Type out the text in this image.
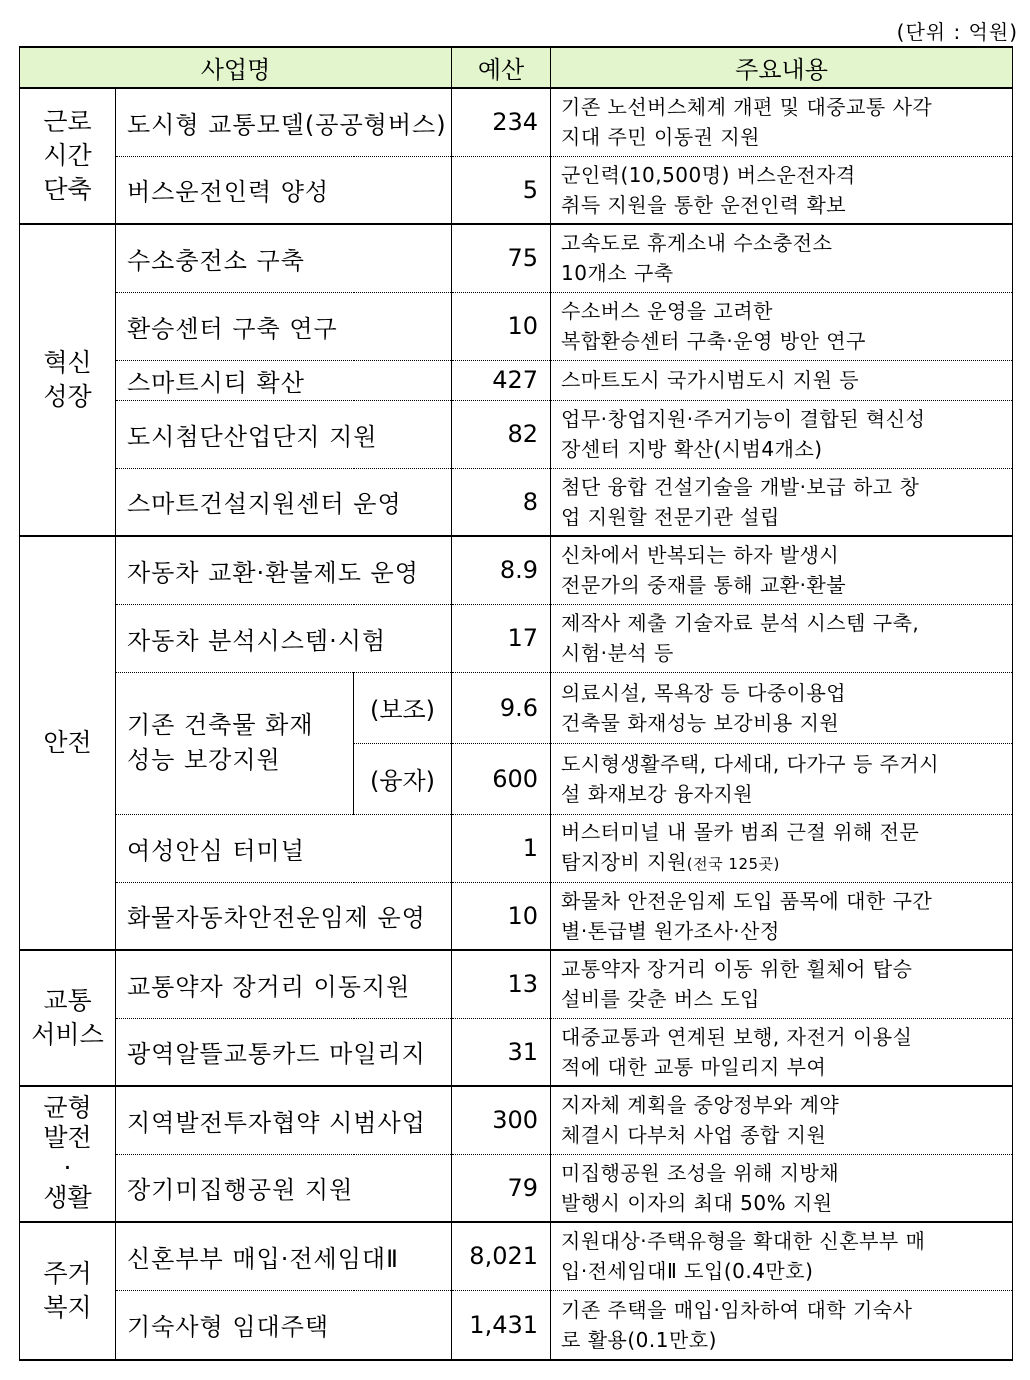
(단위 : 억원)
사업명			예산	주요내용
근로
시간
단축	도시형 교통모델(공공형버스)		234	기존 노선버스체계 개편 및 대중교통 사각
지대 주민 이동권 지원

	버스운전인력 양성		5	군인력(10,500명) 버스운전자격
취득 지원을 통한 운전인력 확보

혁신
성장	수소충전소 구축		75	고속도로 휴게소내 수소충전소
10개소 구축

	환승센터 구축 연구		10	수소버스 운영을 고려한
복합환승센터 구축·운영 방안 연구

	스마트시티 확산		427	스마트도시 국가시범도시 지원 등

	도시첨단산업단지 지원		82	업무·창업지원·주거기능이 결합된 혁신성
장센터 지방 확산(시범4개소)

	스마트건설지원센터 운영		8	첨단 융합 건설기술을 개발·보급 하고 창
업 지원할 전문기관 설립

안전	자동차 교환·환불제도 운영		8.9	신차에서 반복되는 하자 발생시
전문가의 중재를 통해 교환·환불

	자동차 분석시스템·시험		17	제작사 제출 기술자료 분석 시스템 구축,
시험·분석 등

	기존 건축물 화재
성능 보강지원	(보조)	9.6	의료시설, 목욕장 등 다중이용업
건축물 화재성능 보강비용 지원

		(융자)	600	도시형생활주택, 다세대, 다가구 등 주거시
설 화재보강 융자지원

	여성안심 터미널		1	버스터미널 내 몰카 범죄 근절 위해 전문
탐지장비 지원(전국 125곳)

	화물자동차안전운임제 운영		10	화물차 안전운임제 도입 품목에 대한 구간
별·톤급별 원가조사·산정

교통
서비스	교통약자 장거리 이동지원		13	교통약자 장거리 이동 위한 휠체어 탑승
설비를 갖춘 버스 도입

	광역알뜰교통카드 마일리지		31	대중교통과 연계된 보행, 자전거 이용실
적에 대한 교통 마일리지 부여

균형
발전
·
생활	지역발전투자협약 시범사업		300	지자체 계획을 중앙정부와 계약
체결시 다부처 사업 종합 지원

	장기미집행공원 지원		79	미집행공원 조성을 위해 지방채
발행시 이자의 최대 50% 지원

주거
복지	신혼부부 매입·전세임대Ⅱ		8,021	지원대상·주택유형을 확대한 신혼부부 매
입·전세임대Ⅱ 도입(0.4만호)

	기숙사형 임대주택		1,431	기존 주택을 매입·임차하여 대학 기숙사
로 활용(0.1만호)
